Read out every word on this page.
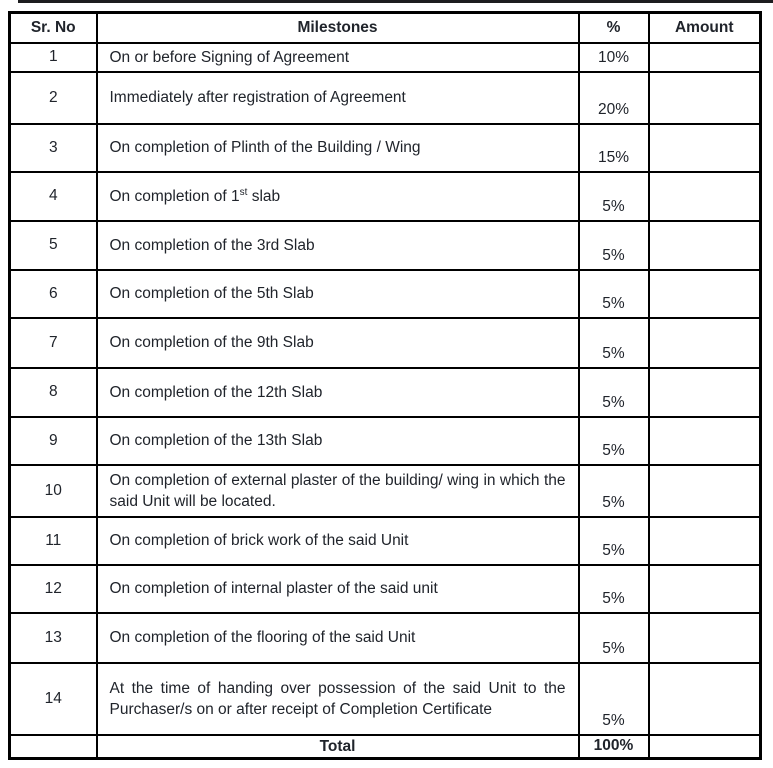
Sr. No	Milestones	%	Amount
1	On or before Signing of Agreement	10%	
2	Immediately after registration of Agreement	20%	
3	On completion of Plinth of the Building / Wing	15%	
4	On completion of 1st slab	5%	
5	On completion of the 3rd Slab	5%	
6	On completion of the 5th Slab	5%	
7	On completion of the 9th Slab	5%	
8	On completion of the 12th Slab	5%	
9	On completion of the 13th Slab	5%	
10	On completion of external plaster of the building/ wing in which the said Unit will be located.	5%	
11	On completion of brick work of the said Unit	5%	
12	On completion of internal plaster of the said unit	5%	
13	On completion of the flooring of the said Unit	5%	
14	At the time of handing over possession of the said Unit to the Purchaser/s on or after receipt of Completion Certificate	5%	
	Total	100%	
